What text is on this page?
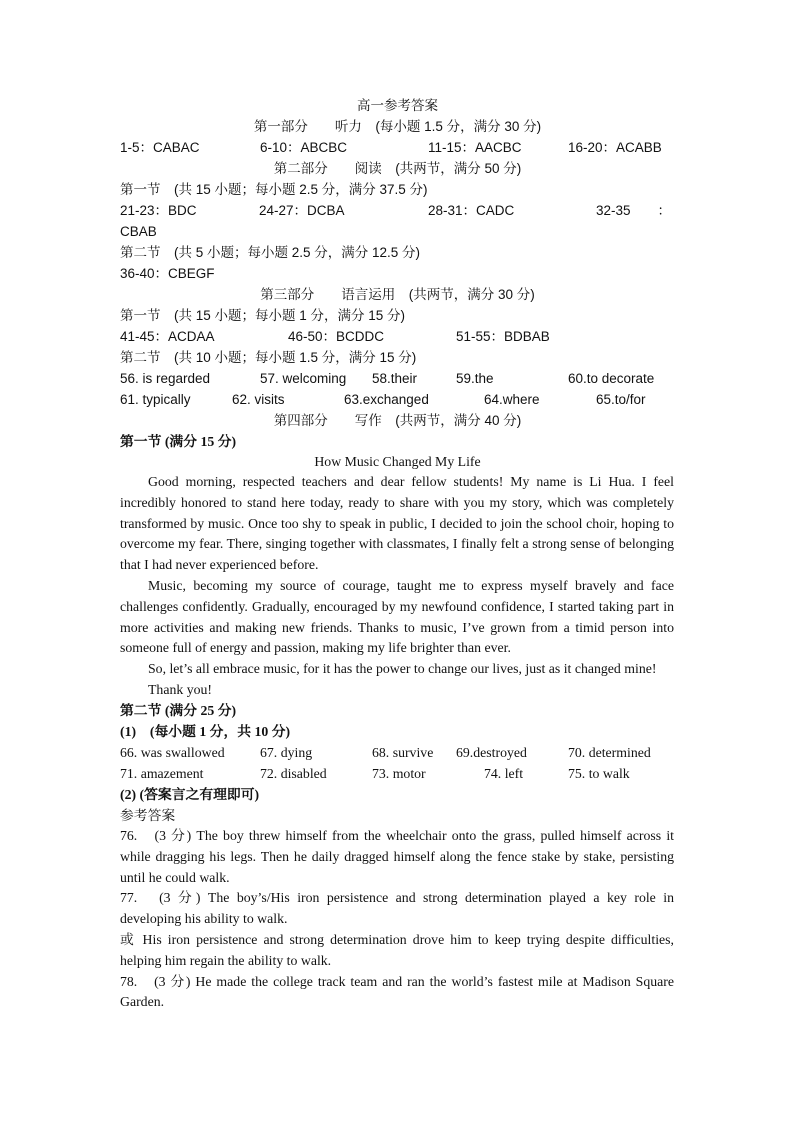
高一参考答案
第一部分　　听力　(每小题 1.5 分，满分 30 分)
1-5：CABAC	6-10：ABCBC	11-15：AACBC	16-20：ACABB
第二部分　　阅读　(共两节，满分 50 分)
第一节　(共 15 小题；每小题 2.5 分，满分 37.5 分)
21-23：BDC	24-27：DCBA	28-31：CADC	32-35　　：
CBAB
第二节　(共 5 小题；每小题 2.5 分，满分 12.5 分)
36-40：CBEGF
第三部分　　语言运用　(共两节，满分 30 分)
第一节　(共 15 小题；每小题 1 分，满分 15 分)
41-45：ACDAA	46-50：BCDDC	51-55：BDBAB
第二节　(共 10 小题；每小题 1.5 分，满分 15 分)
56. is regarded	57. welcoming 58.their	59.the	60.to decorate
61. typically	62. visits	63.exchanged	64.where	65.to/for
第四部分　　写作　(共两节，满分 40 分)
第一节 (满分 15 分)
How Music Changed My Life

Good morning, respected teachers and dear fellow students! My name is Li Hua. I feel incredibly honored to stand here today, ready to share with you my story, which was completely transformed by music. Once too shy to speak in public, I decided to join the school choir, hoping to overcome my fear. There, singing together with classmates, I finally felt a strong sense of belonging that I had never experienced before.

Music, becoming my source of courage, taught me to express myself bravely and face challenges confidently. Gradually, encouraged by my newfound confidence, I started taking part in more activities and making new friends. Thanks to music, I’ve grown from a timid person into someone full of energy and passion, making my life brighter than ever.

So, let’s all embrace music, for it has the power to change our lives, just as it changed mine!

Thank you!

第二节 (满分 25 分)
(1)　(每小题 1 分，共 10 分)
66. was swallowed	67. dying	68. survive 69.destroyed	70. determined
71. amazement	72. disabled	73. motor	74. left	75. to walk
(2) (答案言之有理即可)
参考答案

76.　(3 分) The boy threw himself from the wheelchair onto the grass, pulled himself across it

while dragging his legs. Then he daily dragged himself along the fence stake by stake, persisting

until he could walk.

77.　(3 分) The boy’s/His iron persistence and strong determination played a key role in

developing his ability to walk.

或 His iron persistence and strong determination drove him to keep trying despite difficulties,

helping him regain the ability to walk.

78.　(3 分) He made the college track team and ran the world’s fastest mile at Madison Square

Garden.
